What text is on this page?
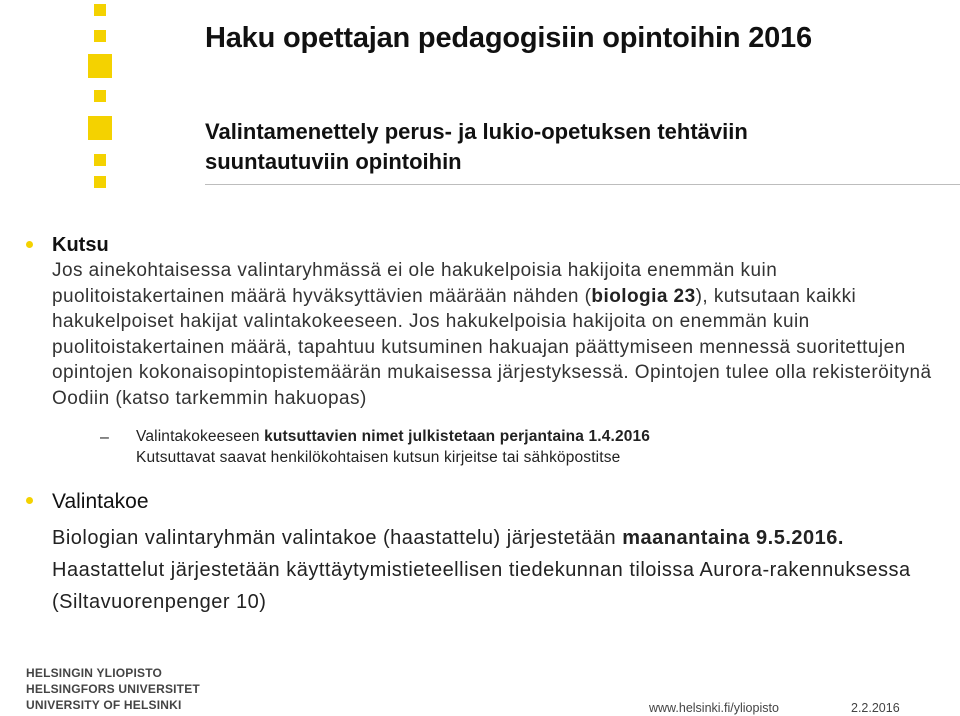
Haku opettajan pedagogisiin opintoihin 2016
Valintamenettely perus- ja lukio-opetuksen tehtäviin
suuntautuviin opintoihin
Kutsu
Jos ainekohtaisessa valintaryhmässä ei ole hakukelpoisia hakijoita enemmän kuin puolitoistakertainen määrä hyväksyttävien määrään nähden (biologia 23), kutsutaan kaikki hakukelpoiset hakijat valintakokeeseen. Jos hakukelpoisia hakijoita on enemmän kuin puolitoistakertainen määrä, tapahtuu kutsuminen hakuajan päättymiseen mennessä suoritettujen opintojen kokonaisopintopistemäärän mukaisessa järjestyksessä. Opintojen tulee olla rekisteröitynä Oodiin (katso tarkemmin hakuopas)
– Valintakokeeseen kutsuttavien nimet julkistetaan perjantaina 1.4.2016
Kutsuttavat saavat henkilökohtaisen kutsun kirjeitse tai sähköpostitse
Valintakoe
Biologian valintaryhmän valintakoe (haastattelu) järjestetään maanantaina 9.5.2016. Haastattelut järjestetään käyttäytymistieteellisen tiedekunnan tiloissa Aurora-rakennuksessa (Siltavuorenpenger 10)
HELSINGIN YLIOPISTO
HELSINGFORS UNIVERSITET
UNIVERSITY OF HELSINKI	www.helsinki.fi/yliopisto	2.2.2016
